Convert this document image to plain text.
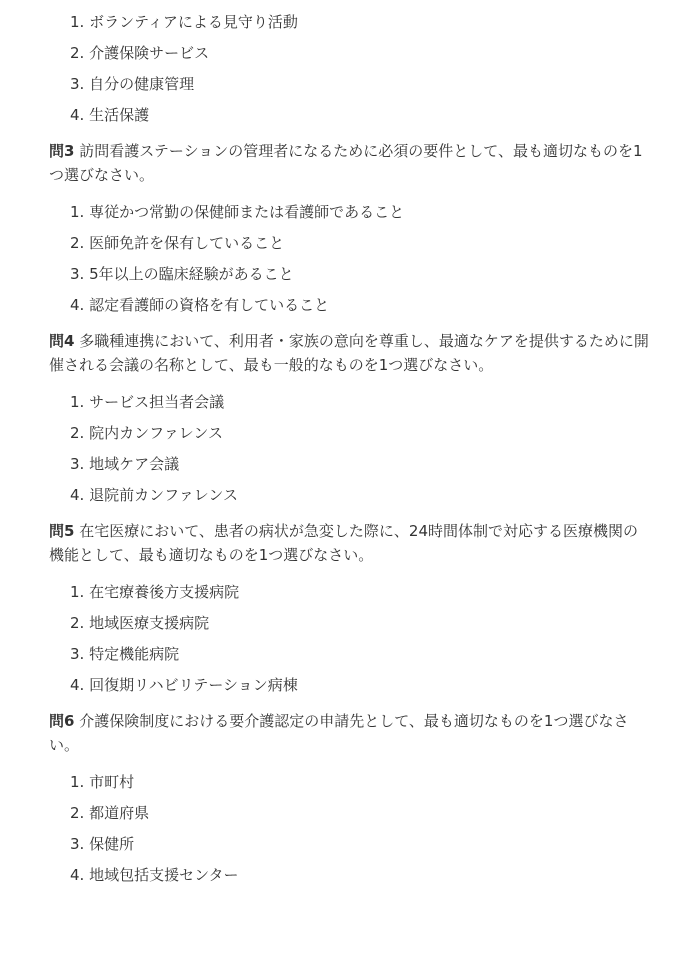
1. ボランティアによる見守り活動
2. 介護保険サービス
3. 自分の健康管理
4. 生活保護

問3 訪問看護ステーションの管理者になるために必須の要件として、最も適切なものを1つ選びなさい。

1. 専従かつ常勤の保健師または看護師であること
2. 医師免許を保有していること
3. 5年以上の臨床経験があること
4. 認定看護師の資格を有していること

問4 多職種連携において、利用者・家族の意向を尊重し、最適なケアを提供するために開催される会議の名称として、最も一般的なものを1つ選びなさい。

1. サービス担当者会議
2. 院内カンファレンス
3. 地域ケア会議
4. 退院前カンファレンス

問5 在宅医療において、患者の病状が急変した際に、24時間体制で対応する医療機関の機能として、最も適切なものを1つ選びなさい。

1. 在宅療養後方支援病院
2. 地域医療支援病院
3. 特定機能病院
4. 回復期リハビリテーション病棟

問6 介護保険制度における要介護認定の申請先として、最も適切なものを1つ選びなさい。

1. 市町村
2. 都道府県
3. 保健所
4. 地域包括支援センター
